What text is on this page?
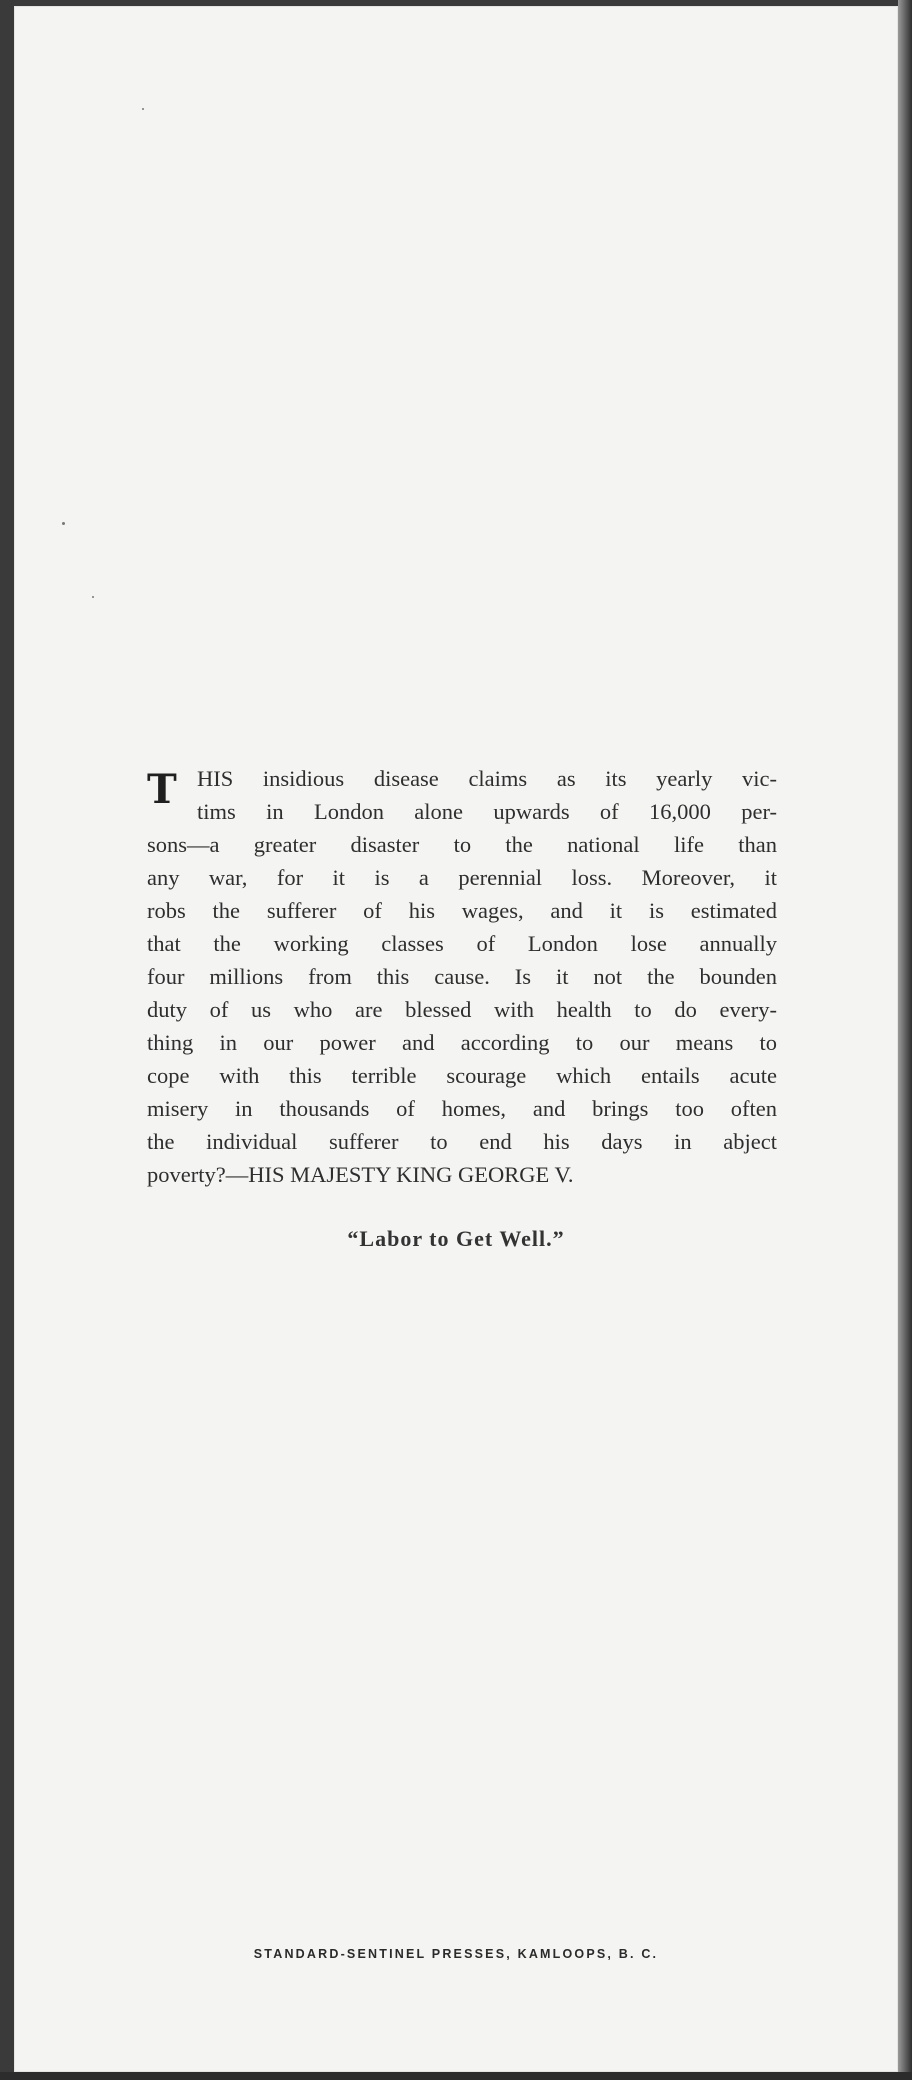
T HIS insidious disease claims as its yearly vic-
tims in London alone upwards of 16,000 per-
sons—a greater disaster to the national life than
any war, for it is a perennial loss. Moreover, it
robs the sufferer of his wages, and it is estimated
that the working classes of London lose annually
four millions from this cause. Is it not the bounden
duty of us who are blessed with health to do every-
thing in our power and according to our means to
cope with this terrible scourage which entails acute
misery in thousands of homes, and brings too often
the individual sufferer to end his days in abject
poverty?—HIS MAJESTY KING GEORGE V.
“Labor to Get Well.”
STANDARD-SENTINEL PRESSES, KAMLOOPS, B. C.
